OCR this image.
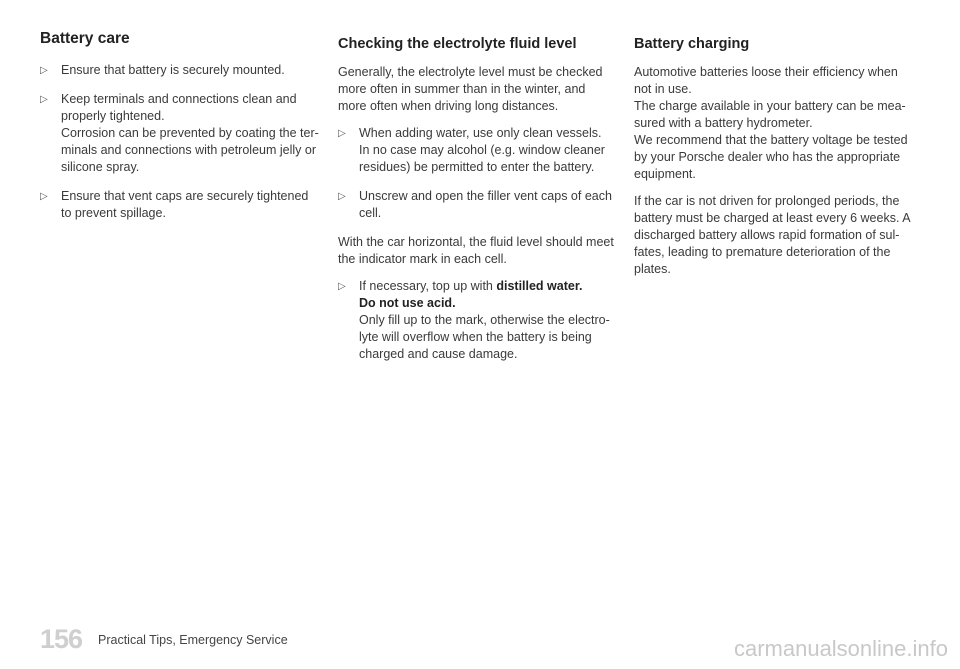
Battery care
▷ Ensure that battery is securely mounted.
▷ Keep terminals and connections clean and properly tightened.
Corrosion can be prevented by coating the ter-minals and connections with petroleum jelly or silicone spray.
▷ Ensure that vent caps are securely tightened to prevent spillage.
Checking the electrolyte fluid level

Generally, the electrolyte level must be checked more often in summer than in the winter, and more often when driving long distances.

▷ When adding water, use only clean vessels.
In no case may alcohol (e.g. window cleaner residues) be permitted to enter the battery.
▷ Unscrew and open the filler vent caps of each cell.

With the car horizontal, the fluid level should meet the indicator mark in each cell.

▷ If necessary, top up with distilled water.
Do not use acid.
Only fill up to the mark, otherwise the electro-lyte will overflow when the battery is being charged and cause damage.
Battery charging

Automotive batteries loose their efficiency when not in use.
The charge available in your battery can be mea-sured with a battery hydrometer.
We recommend that the battery voltage be tested by your Porsche dealer who has the appropriate equipment.

If the car is not driven for prolonged periods, the battery must be charged at least every 6 weeks. A discharged battery allows rapid formation of sul-fates, leading to premature deterioration of the plates.

156 Practical Tips, Emergency Service	carmanualsonline.info
